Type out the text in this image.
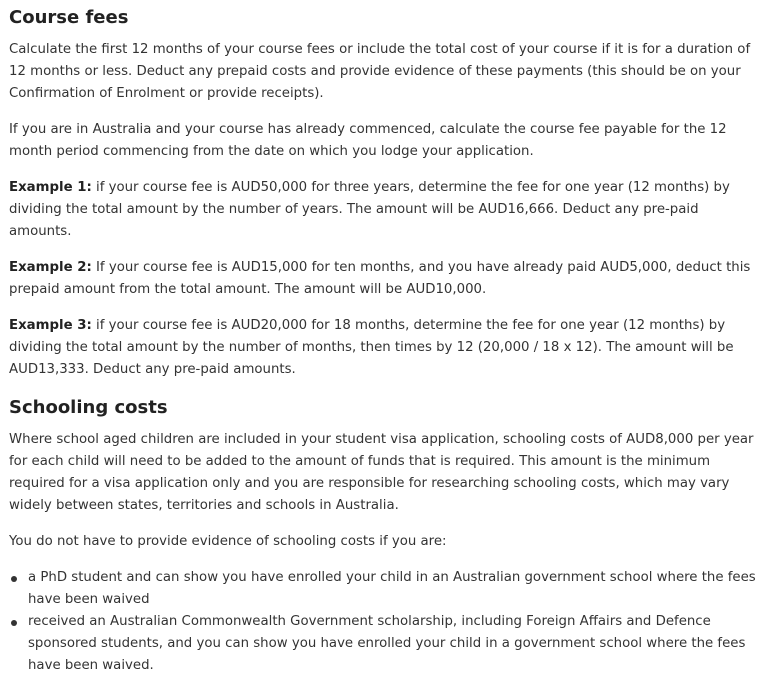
Course fees

Calculate the first 12 months of your course fees or include the total cost of your course if it is for a duration of 12 months or less. Deduct any prepaid costs and provide evidence of these payments (this should be on your Confirmation of Enrolment or provide receipts).

If you are in Australia and your course has already commenced, calculate the course fee payable for the 12 month period commencing from the date on which you lodge your application.

Example 1: if your course fee is AUD50,000 for three years, determine the fee for one year (12 months) by dividing the total amount by the number of years. The amount will be AUD16,666. Deduct any pre-paid amounts.

Example 2: If your course fee is AUD15,000 for ten months, and you have already paid AUD5,000, deduct this prepaid amount from the total amount. The amount will be AUD10,000.

Example 3: if your course fee is AUD20,000 for 18 months, determine the fee for one year (12 months) by dividing the total amount by the number of months, then times by 12 (20,000 / 18 x 12). The amount will be AUD13,333. Deduct any pre-paid amounts.

Schooling costs

Where school aged children are included in your student visa application, schooling costs of AUD8,000 per year for each child will need to be added to the amount of funds that is required. This amount is the minimum required for a visa application only and you are responsible for researching schooling costs, which may vary widely between states, territories and schools in Australia.

You do not have to provide evidence of schooling costs if you are:

a PhD student and can show you have enrolled your child in an Australian government school where the fees have been waived
received an Australian Commonwealth Government scholarship, including Foreign Affairs and Defence sponsored students, and you can show you have enrolled your child in a government school where the fees have been waived.
